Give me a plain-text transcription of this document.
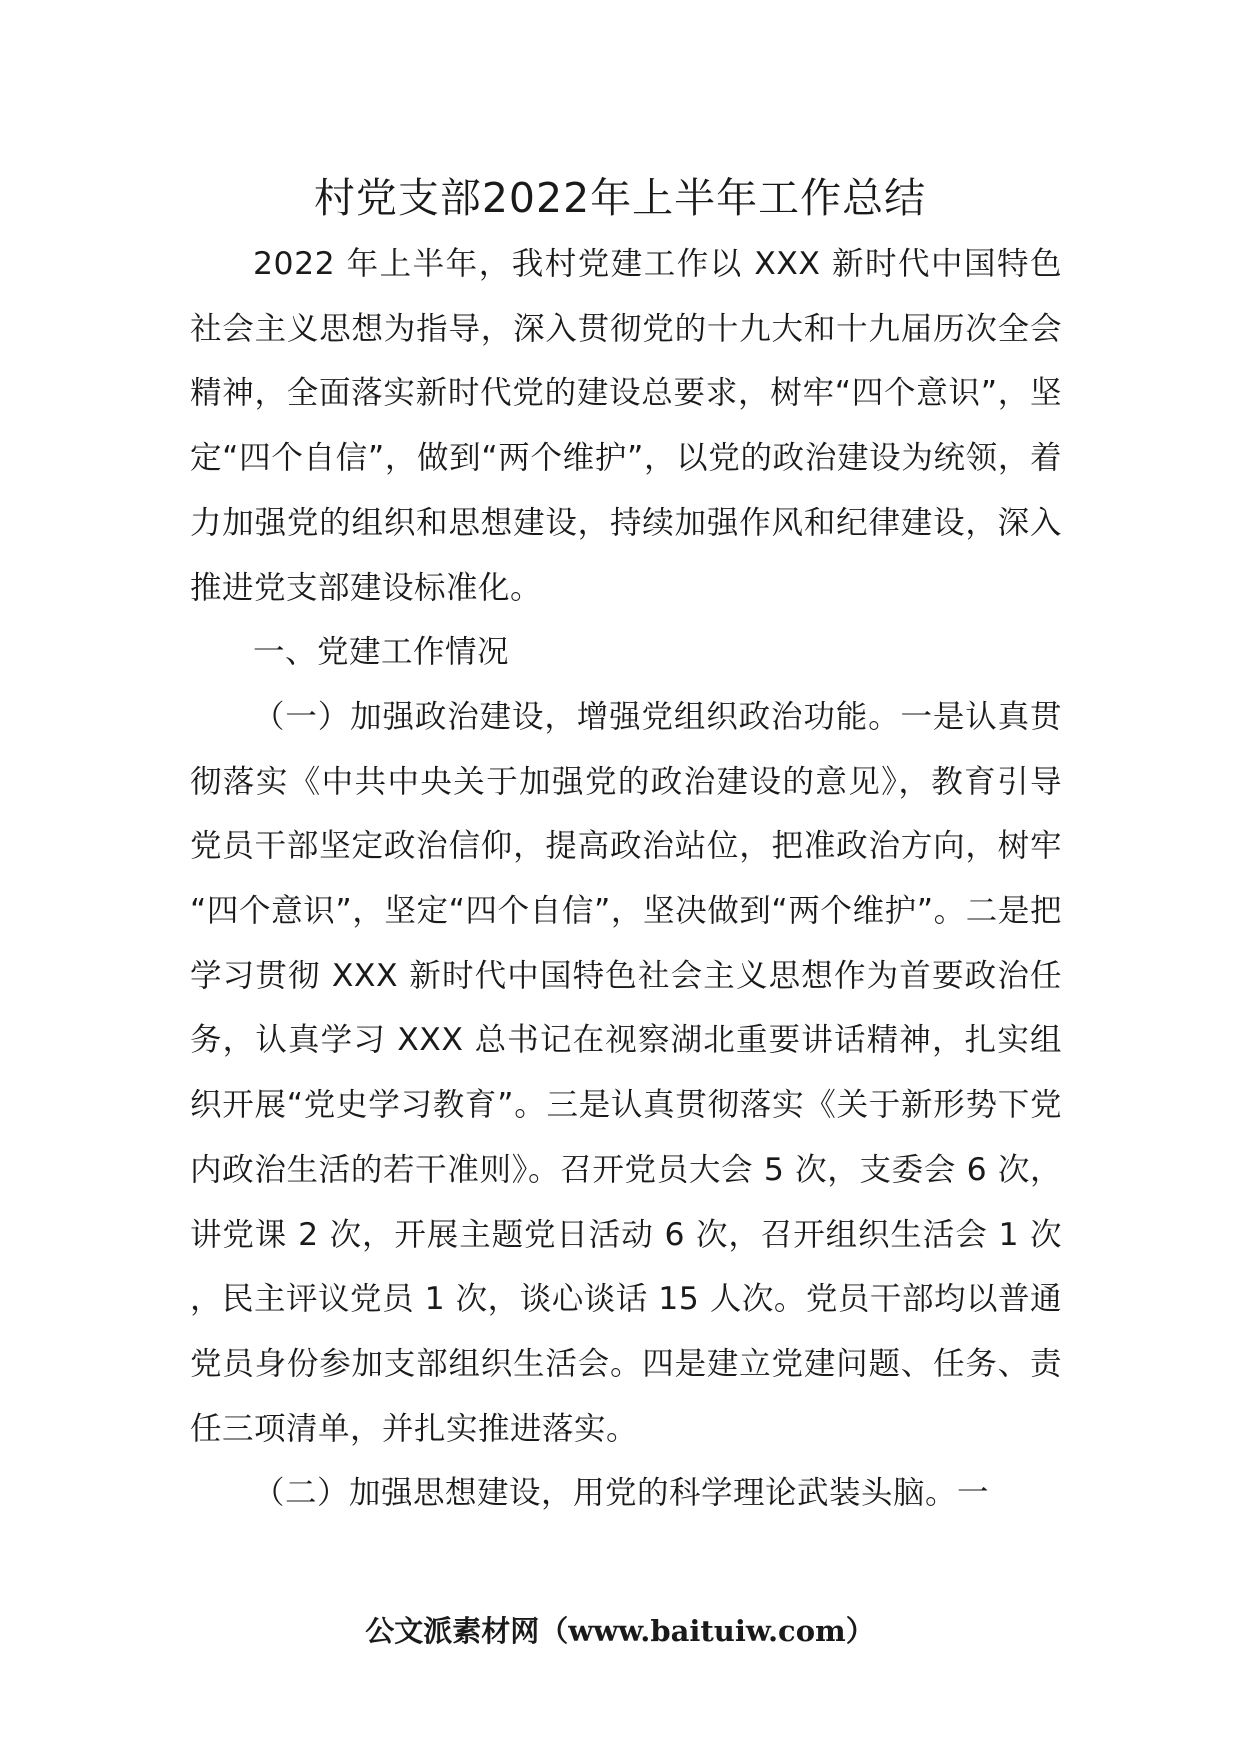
村党支部2022年上半年工作总结

2022 年上半年，我村党建工作以 XXX 新时代中国特色社会主义思想为指导，深入贯彻党的十九大和十九届历次全会精神，全面落实新时代党的建设总要求，树牢“四个意识”，坚定“四个自信”，做到“两个维护”，以党的政治建设为统领，着力加强党的组织和思想建设，持续加强作风和纪律建设，深入推进党支部建设标准化。

一、党建工作情况

（一）加强政治建设，增强党组织政治功能。一是认真贯彻落实《中共中央关于加强党的政治建设的意见》，教育引导党员干部坚定政治信仰，提高政治站位，把准政治方向，树牢“四个意识”，坚定“四个自信”，坚决做到“两个维护”。二是把学习贯彻 XXX 新时代中国特色社会主义思想作为首要政治任务，认真学习 XXX 总书记在视察湖北重要讲话精神，扎实组织开展“党史学习教育”。三是认真贯彻落实《关于新形势下党内政治生活的若干准则》。召开党员大会 5 次，支委会 6 次，讲党课 2 次，开展主题党日活动 6 次，召开组织生活会 1 次，民主评议党员 1 次，谈心谈话 15 人次。党员干部均以普通党员身份参加支部组织生活会。四是建立党建问题、任务、责任三项清单，并扎实推进落实。

（二）加强思想建设，用党的科学理论武装头脑。一

公文派素材网（www.baituiw.com）
